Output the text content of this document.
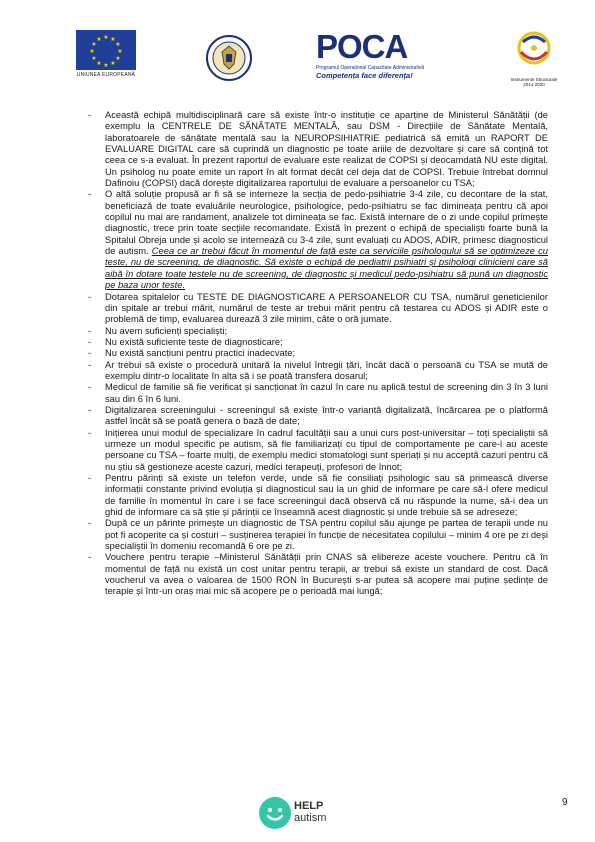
★ ★
★
★
★
★
★
★
★
★
★
★
UNIUNEA EUROPEANĂ
POCA
Programul Operațional Capacitate Administrativă
Competența face diferența!	Instrumente Structurale 2014-2020
- Această echipă multidisciplinară care să existe într-o instituție ce aparține de Ministerul Sănătății (de exemplu la CENTRELE DE SĂNĂTATE MENTALĂ, sau DSM - Direcțiile de Sănătate Mentală, laboratoarele de sănătate mentală sau la NEUROPSIHIATRIE pediatrică să emită un RAPORT DE EVALUARE DIGITAL care să cuprindă un diagnostic pe toate ariile de dezvoltare și care să conțină tot ceea ce s-a evaluat. În prezent raportul de evaluare este realizat de COPSI și deocamdată NU este digital. Un psiholog nu poate emite un raport în alt format decât cel deja dat de COPSI. Trebuie întrebat domnul Dafinoiu (COPSI) dacă dorește digitalizarea raportului de evaluare a persoanelor cu TSA;
- O altă soluție propusă ar fi să se interneze la secția de pedo-psihiatrie 3-4 zile, cu decontare de la stat, beneficiază de toate evaluările neurologice, psihologice, pedo-psihiatru se fac dimineața pentru că apoi copilul nu mai are randament, analizele tot dimineața se fac. Există internare de o zi unde copilul primește diagnostic, trece prin toate secțiile recomandate. Există în prezent o echipă de specialiști foarte bună la Spitalul Obreja unde și acolo se internează cu 3-4 zile, sunt evaluați cu ADOS, ADIR, primesc diagnosticul de autism. Ceea ce ar trebui făcut în momentul de față este ca serviciile psihologului să se optimizeze cu teste, nu de screening, de diagnostic. Să existe o echipă de pediatrii psihiatri și psihologi clinicieni care să aibă în dotare toate testele nu de screening, de diagnostic și medicul pedo-psihiatru să pună un diagnostic pe baza unor teste.
- Dotarea spitalelor cu TESTE DE DIAGNOSTICARE A PERSOANELOR CU TSA, numărul geneticienilor din spitale ar trebui mărit, numărul de teste ar trebui mărit pentru că testarea cu ADOS și ADIR este o problemă de timp, evaluarea durează 3 zile minim, câte o oră jumate.
- Nu avem suficienți specialiști;
- Nu există suficiente teste de diagnosticare;
- Nu există sancțiuni pentru practici inadecvate;
- Ar trebui să existe o procedură unitară la nivelul întregii țări, încât dacă o persoană cu TSA se mută de exemplu dintr-o localitate în alta să i se poată transfera dosarul;
- Medicul de familie să fie verificat și sancționat în cazul în care nu aplică testul de screening din 3 în 3 luni sau din 6 în 6 luni.
- Digitalizarea screeningului - screeningul să existe într-o variantă digitalizată, încărcarea pe o platformă astfel încât să se poată genera o bază de date;
- Inițierea unui modul de specializare în cadrul facultății sau a unui curs post-universitar – toți specialiștii să urmeze un modul specific pe autism, să fie familiarizați cu tipul de comportamente pe care-l au aceste persoane cu TSA – foarte mulți, de exemplu medici stomatologi sunt speriați și nu acceptă cazuri pentru că nu știu să gestioneze aceste cazuri, medici terapeuți, profesori de înnot;
- Pentru părinți să existe un telefon verde, unde să fie consiliați psihologic sau să primească diverse informații constante privind evoluția și diagnosticul sau la un ghid de informare pe care să-l ofere medicul de familie în momentul în care i se face screeningul dacă observă că nu răspunde la nume, să-i dea un ghid de informare ca să știe și părinții ce înseamnă acest diagnostic și unde trebuie să se adreseze;
- După ce un părinte primește un diagnostic de TSA pentru copilul său ajunge pe partea de terapii unde nu pot fi acoperite ca și costuri – susținerea terapiei în funcție de necesitatea copilului – minim 4 ore pe zi deși specialiștii în domeniu recomandă 6 ore pe zi.
- Vouchere pentru terapie –Ministerul Sănătății prin CNAS să elibereze aceste vouchere. Pentru că în momentul de față nu există un cost unitar pentru terapii, ar trebui să existe un standard de cost. Dacă voucherul va avea o valoarea de 1500 RON în București s-ar putea să acopere mai puține ședințe de terapie și într-un oraș mai mic să acopere pe o perioadă mai lungă;
HELP
autism
9
